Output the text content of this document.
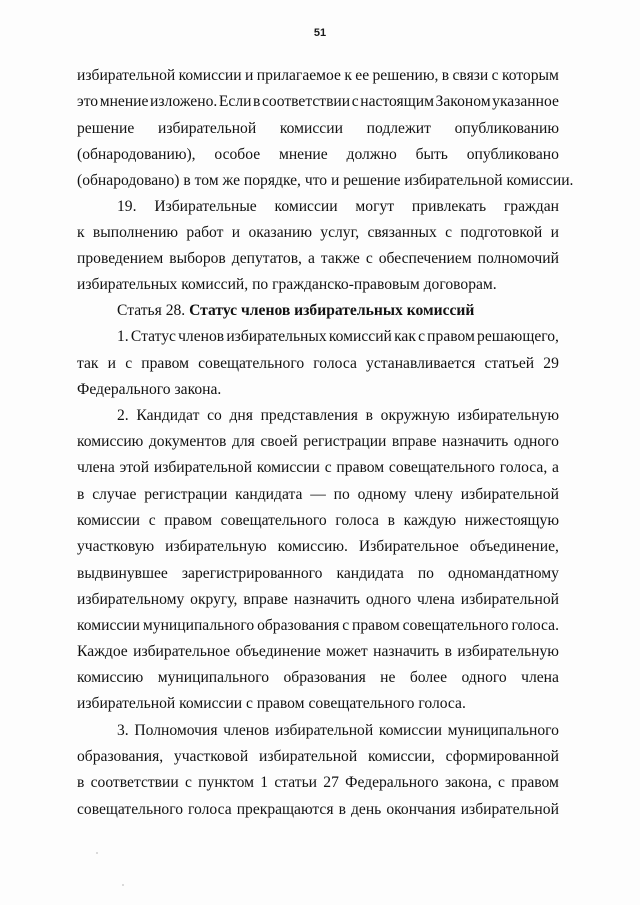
51
избирательной комиссии и прилагаемое к ее решению, в связи с которым
это мнение изложено. Если в соответствии с настоящим Законом указанное
решение избирательной комиссии подлежит опубликованию
(обнародованию), особое мнение должно быть опубликовано
(обнародовано) в том же порядке, что и решение избирательной комиссии.
19. Избирательные комиссии могут привлекать граждан
к выполнению работ и оказанию услуг, связанных с подготовкой и
проведением выборов депутатов, а также с обеспечением полномочий
избирательных комиссий, по гражданско-правовым договорам.
Статья 28. Статус членов избирательных комиссий
1. Статус членов избирательных комиссий как с правом решающего,
так и с правом совещательного голоса устанавливается статьей 29
Федерального закона.
2. Кандидат со дня представления в окружную избирательную
комиссию документов для своей регистрации вправе назначить одного
члена этой избирательной комиссии с правом совещательного голоса, а
в случае регистрации кандидата — по одному члену избирательной
комиссии с правом совещательного голоса в каждую нижестоящую
участковую избирательную комиссию. Избирательное объединение,
выдвинувшее зарегистрированного кандидата по одномандатному
избирательному округу, вправе назначить одного члена избирательной
комиссии муниципального образования с правом совещательного голоса.
Каждое избирательное объединение может назначить в избирательную
комиссию муниципального образования не более одного члена
избирательной комиссии с правом совещательного голоса.
3. Полномочия членов избирательной комиссии муниципального
образования, участковой избирательной комиссии, сформированной
в соответствии с пунктом 1 статьи 27 Федерального закона, с правом
совещательного голоса прекращаются в день окончания избирательной
